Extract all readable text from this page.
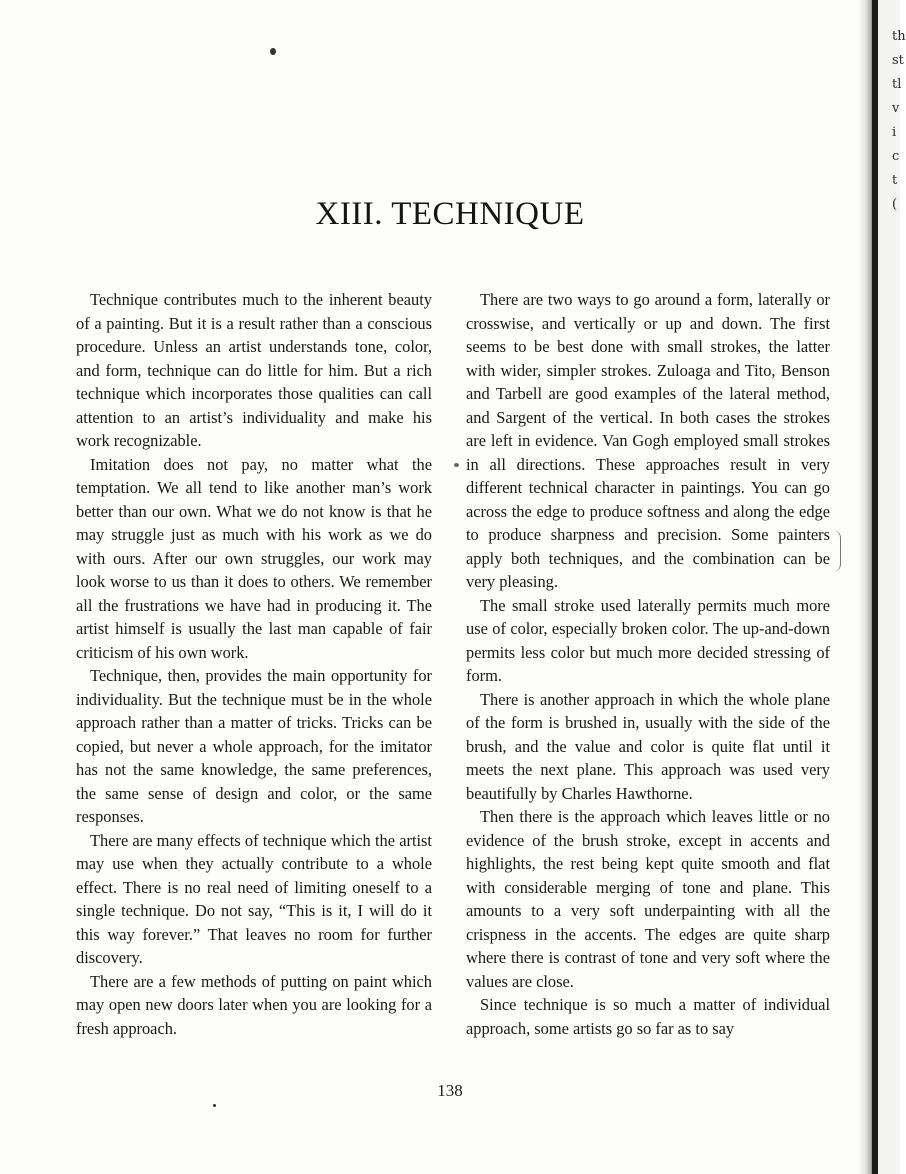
th
st
tl
v
i
c
t
(
XIII. TECHNIQUE

Technique contributes much to the inherent beauty of a painting. But it is a result rather than a conscious procedure. Unless an artist understands tone, color, and form, technique can do little for him. But a rich technique which incorporates those qualities can call attention to an artist’s individuality and make his work recognizable.

Imitation does not pay, no matter what the temptation. We all tend to like another man’s work better than our own. What we do not know is that he may struggle just as much with his work as we do with ours. After our own struggles, our work may look worse to us than it does to others. We remember all the frustrations we have had in producing it. The artist himself is usually the last man capable of fair criticism of his own work.

Technique, then, provides the main opportunity for individuality. But the technique must be in the whole approach rather than a matter of tricks. Tricks can be copied, but never a whole approach, for the imitator has not the same knowledge, the same preferences, the same sense of design and color, or the same responses.

There are many effects of technique which the artist may use when they actually contribute to a whole effect. There is no real need of limiting oneself to a single technique. Do not say, “This is it, I will do it this way forever.” That leaves no room for further discovery.

There are a few methods of putting on paint which may open new doors later when you are looking for a fresh approach.

There are two ways to go around a form, laterally or crosswise, and vertically or up and down. The first seems to be best done with small strokes, the latter with wider, simpler strokes. Zuloaga and Tito, Benson and Tarbell are good examples of the lateral method, and Sargent of the vertical. In both cases the strokes are left in evidence. Van Gogh employed small strokes in all directions. These approaches result in very different technical character in paintings. You can go across the edge to produce softness and along the edge to produce sharpness and precision. Some painters apply both techniques, and the combination can be very pleasing.

The small stroke used laterally permits much more use of color, especially broken color. The up-and-down permits less color but much more decided stressing of form.

There is another approach in which the whole plane of the form is brushed in, usually with the side of the brush, and the value and color is quite flat until it meets the next plane. This approach was used very beautifully by Charles Hawthorne.

Then there is the approach which leaves little or no evidence of the brush stroke, except in accents and highlights, the rest being kept quite smooth and flat with considerable merging of tone and plane. This amounts to a very soft underpainting with all the crispness in the accents. The edges are quite sharp where there is contrast of tone and very soft where the values are close.

Since technique is so much a matter of individual approach, some artists go so far as to say

138
